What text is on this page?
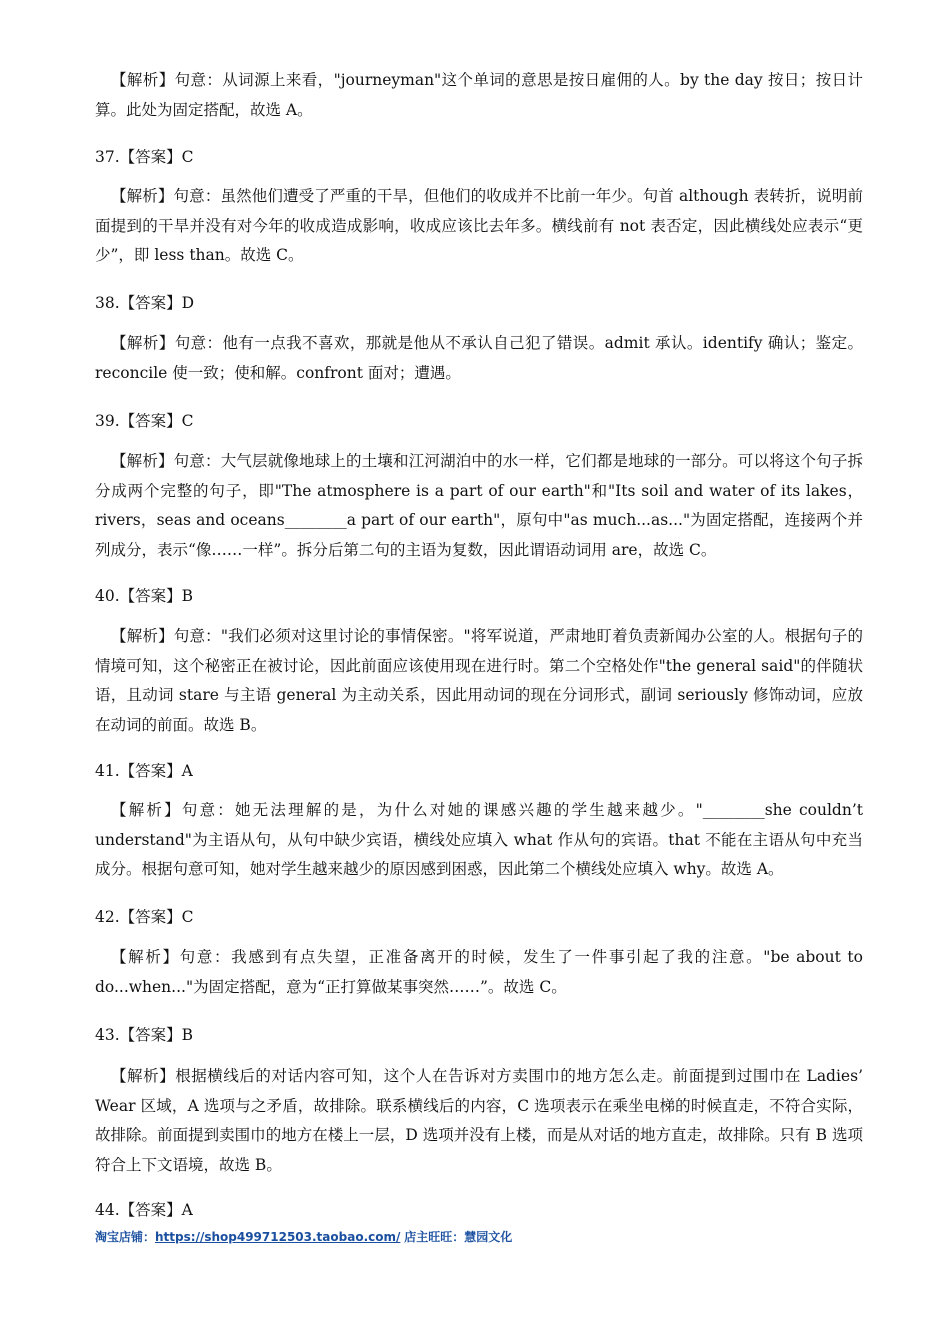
【解析】句意：从词源上来看，"journeyman"这个单词的意思是按日雇佣的人。by the day 按日；按日计算。此处为固定搭配，故选 A。
37.【答案】C
【解析】句意：虽然他们遭受了严重的干旱，但他们的收成并不比前一年少。句首 although 表转折，说明前面提到的干旱并没有对今年的收成造成影响，收成应该比去年多。横线前有 not 表否定，因此横线处应表示“更少”，即 less than。故选 C。
38.【答案】D
【解析】句意：他有一点我不喜欢，那就是他从不承认自己犯了错误。admit 承认。identify 确认；鉴定。reconcile 使一致；使和解。confront 面对；遭遇。
39.【答案】C
【解析】句意：大气层就像地球上的土壤和江河湖泊中的水一样，它们都是地球的一部分。可以将这个句子拆分成两个完整的句子，即"The atmosphere is a part of our earth"和"Its soil and water of its lakes，rivers，seas and oceans________a part of our earth"，原句中"as much...as..."为固定搭配，连接两个并列成分，表示“像……一样”。拆分后第二句的主语为复数，因此谓语动词用 are，故选 C。
40.【答案】B
【解析】句意："我们必须对这里讨论的事情保密。"将军说道，严肃地盯着负责新闻办公室的人。根据句子的情境可知，这个秘密正在被讨论，因此前面应该使用现在进行时。第二个空格处作"the general said"的伴随状语，且动词 stare 与主语 general 为主动关系，因此用动词的现在分词形式，副词 seriously 修饰动词，应放在动词的前面。故选 B。
41.【答案】A
【解析】句意：她无法理解的是，为什么对她的课感兴趣的学生越来越少。"________she couldn’t understand"为主语从句，从句中缺少宾语，横线处应填入 what 作从句的宾语。that 不能在主语从句中充当成分。根据句意可知，她对学生越来越少的原因感到困惑，因此第二个横线处应填入 why。故选 A。
42.【答案】C
【解析】句意：我感到有点失望，正准备离开的时候，发生了一件事引起了我的注意。"be about to do...when..."为固定搭配，意为“正打算做某事突然……”。故选 C。
43.【答案】B
【解析】根据横线后的对话内容可知，这个人在告诉对方卖围巾的地方怎么走。前面提到过围巾在 Ladies’ Wear 区域，A 选项与之矛盾，故排除。联系横线后的内容，C 选项表示在乘坐电梯的时候直走，不符合实际，故排除。前面提到卖围巾的地方在楼上一层，D 选项并没有上楼，而是从对话的地方直走，故排除。只有 B 选项符合上下文语境，故选 B。
44.【答案】A
淘宝店铺：https://shop499712503.taobao.com/ 店主旺旺：慧园文化
